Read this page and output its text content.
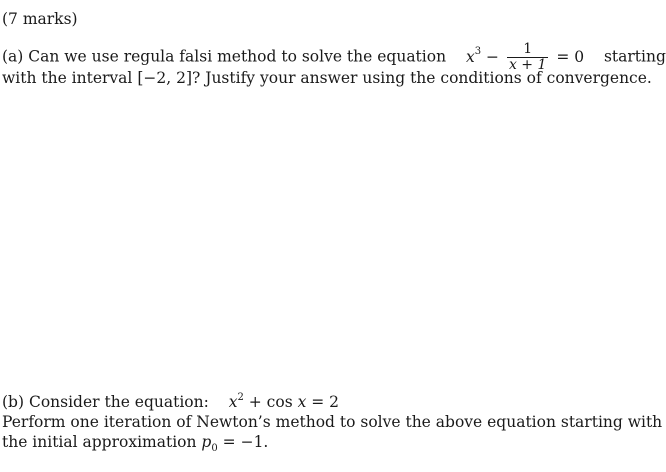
(7 marks)
(a) Can we use regula falsi method to solve the equation $x^3 - \frac{1}{x + 1} = 0$ starting
with the interval [−2, 2]? Justify your answer using the conditions of convergence.
(b) Consider the equation: $x^2 + \cos x = 2$
Perform one iteration of Newton’s method to solve the above equation starting with
the initial approximation $p_0 = -1$.
